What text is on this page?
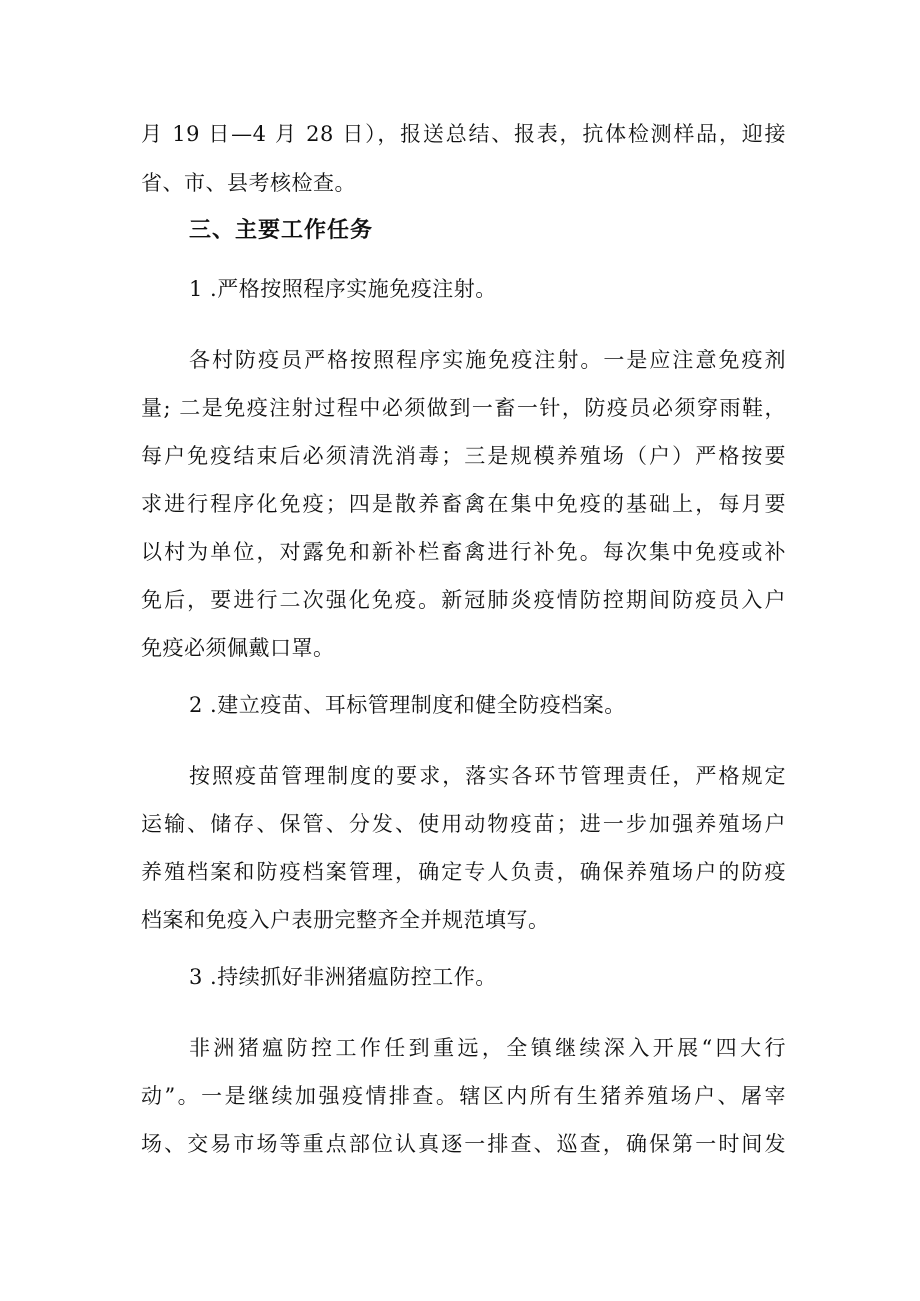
月 19 日—4 月 28 日），报送总结、报表，抗体检测样品，迎接
省、市、县考核检查。
三、主要工作任务
1 .严格按照程序实施免疫注射。
各村防疫员严格按照程序实施免疫注射。一是应注意免疫剂
量; 二是免疫注射过程中必须做到一畜一针，防疫员必须穿雨鞋，
每户免疫结束后必须清洗消毒；三是规模养殖场（户）严格按要
求进行程序化免疫；四是散养畜禽在集中免疫的基础上，每月要
以村为单位，对露免和新补栏畜禽进行补免。每次集中免疫或补
免后，要进行二次强化免疫。新冠肺炎疫情防控期间防疫员入户
免疫必须佩戴口罩。
2 .建立疫苗、耳标管理制度和健全防疫档案。
按照疫苗管理制度的要求，落实各环节管理责任，严格规定
运输、储存、保管、分发、使用动物疫苗；进一步加强养殖场户
养殖档案和防疫档案管理，确定专人负责，确保养殖场户的防疫
档案和免疫入户表册完整齐全并规范填写。
3 .持续抓好非洲猪瘟防控工作。
非洲猪瘟防控工作任到重远，全镇继续深入开展“四大行
动”。一是继续加强疫情排查。辖区内所有生猪养殖场户、屠宰
场、交易市场等重点部位认真逐一排查、巡查，确保第一时间发
